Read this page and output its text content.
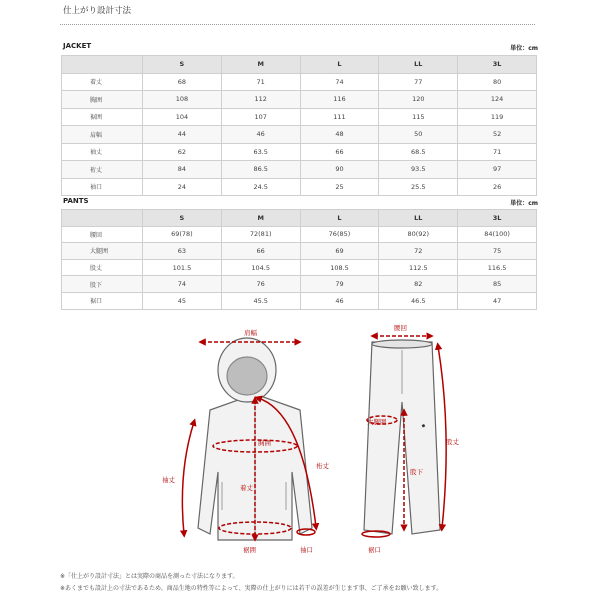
仕上がり設計寸法
JACKET	単位：cm
	S	M	L	LL	3L
着丈	68	71	74	77	80
胸囲	108	112	116	120	124
裾囲	104	107	111	115	119
肩幅	44	46	48	50	52
袖丈	62	63.5	66	68.5	71
裄丈	84	86.5	90	93.5	97
袖口	24	24.5	25	25.5	26
PANTS	単位：cm
	S	M	L	LL	3L
腰回	69(78)	72(81)	76(85)	80(92)	84(100)
大腿囲	63	66	69	72	75
股丈	101.5	104.5	108.5	112.5	116.5
股下	74	76	79	82	85
裾口	45	45.5	46	46.5	47
◆
肩幅
胸囲
袖丈
裄丈
着丈
裾囲	袖口
腰回
大腿囲
股下
股丈
裾口
※「仕上がり設計寸法」とは実際の商品を測った寸法になります。
※あくまでも設計上の寸法であるため、商品生地の特性等によって、実際の仕上がりには若干の誤差が生じます事、ご了承をお願い致します。
